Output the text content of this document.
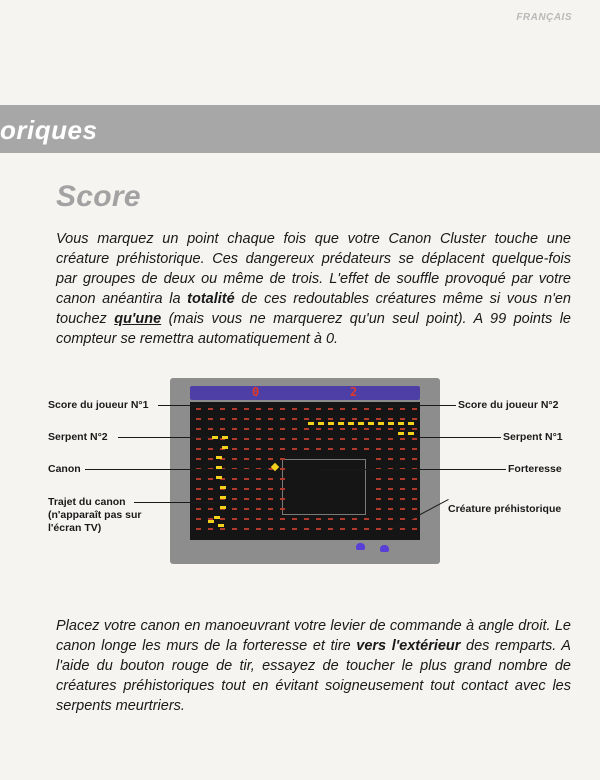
FRANÇAIS
oriques
Score

Vous marquez un point chaque fois que votre Canon Cluster touche une créature préhistorique. Ces dangereux prédateurs se déplacent quelque-fois par groupes de deux ou même de trois. L'effet de souffle provoqué par votre canon anéantira la totalité de ces redoutables créatures même si vous n'en touchez qu'une (mais vous ne marquerez qu'un seul point). A 99 points le compteur se remettra automatiquement à 0.

0	2
Score du joueur N°1	Score du joueur N°2
Serpent N°2	Serpent N°1
Canon	Forteresse
Trajet du canon (n'apparaît pas sur l'écran TV)
Créature préhistorique

Placez votre canon en manoeuvrant votre levier de commande à angle droit. Le canon longe les murs de la forteresse et tire vers l'extérieur des remparts. A l'aide du bouton rouge de tir, essayez de toucher le plus grand nombre de créatures préhistoriques tout en évitant soigneusement tout contact avec les serpents meurtriers.
